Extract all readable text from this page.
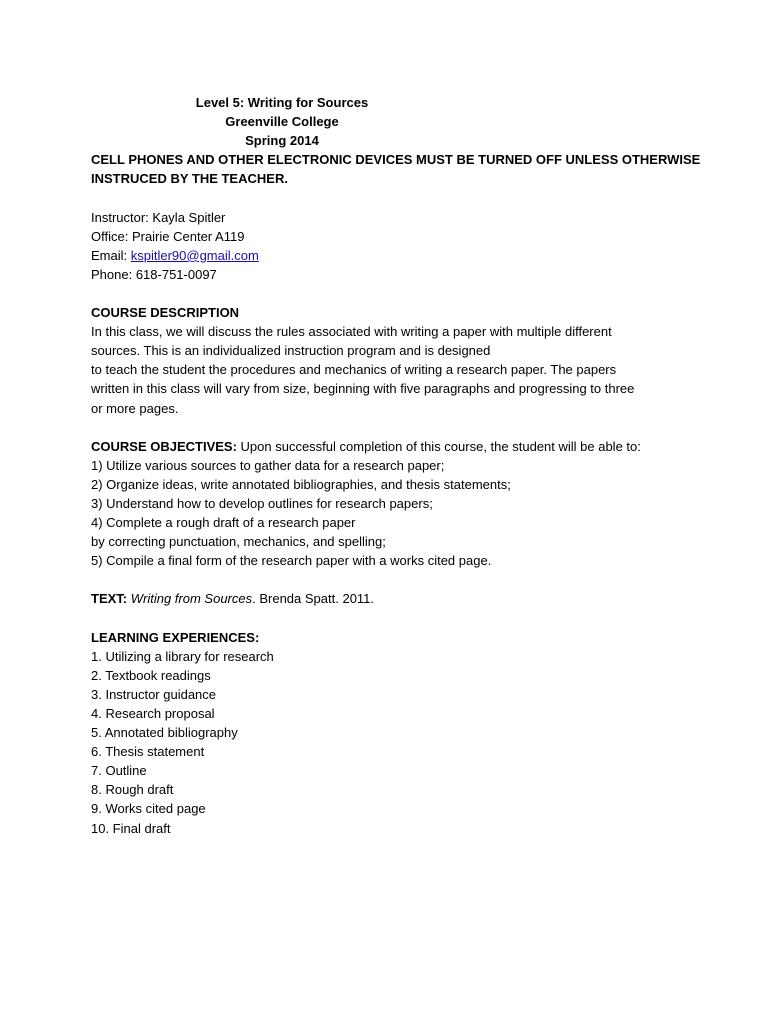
Level 5: Writing for Sources
Greenville College
Spring 2014
CELL PHONES AND OTHER ELECTRONIC DEVICES MUST BE TURNED OFF UNLESS OTHERWISE
INSTRUCED BY THE TEACHER.
Instructor: Kayla Spitler
Office: Prairie Center A119
Email: kspitler90@gmail.com
Phone: 618-751-0097
COURSE DESCRIPTION
In this class, we will discuss the rules associated with writing a paper with multiple different
sources. This is an individualized instruction program and is designed
to teach the student the procedures and mechanics of writing a research paper. The papers
written in this class will vary from size, beginning with five paragraphs and progressing to three
or more pages.
COURSE OBJECTIVES: Upon successful completion of this course, the student will be able to:
1) Utilize various sources to gather data for a research paper;
2) Organize ideas, write annotated bibliographies, and thesis statements;
3) Understand how to develop outlines for research papers;
4) Complete a rough draft of a research paper
by correcting punctuation, mechanics, and spelling;
5) Compile a final form of the research paper with a works cited page.
TEXT: Writing from Sources. Brenda Spatt. 2011.
LEARNING EXPERIENCES:
1. Utilizing a library for research
2. Textbook readings
3. Instructor guidance
4. Research proposal
5. Annotated bibliography
6. Thesis statement
7. Outline
8. Rough draft
9. Works cited page
10. Final draft
